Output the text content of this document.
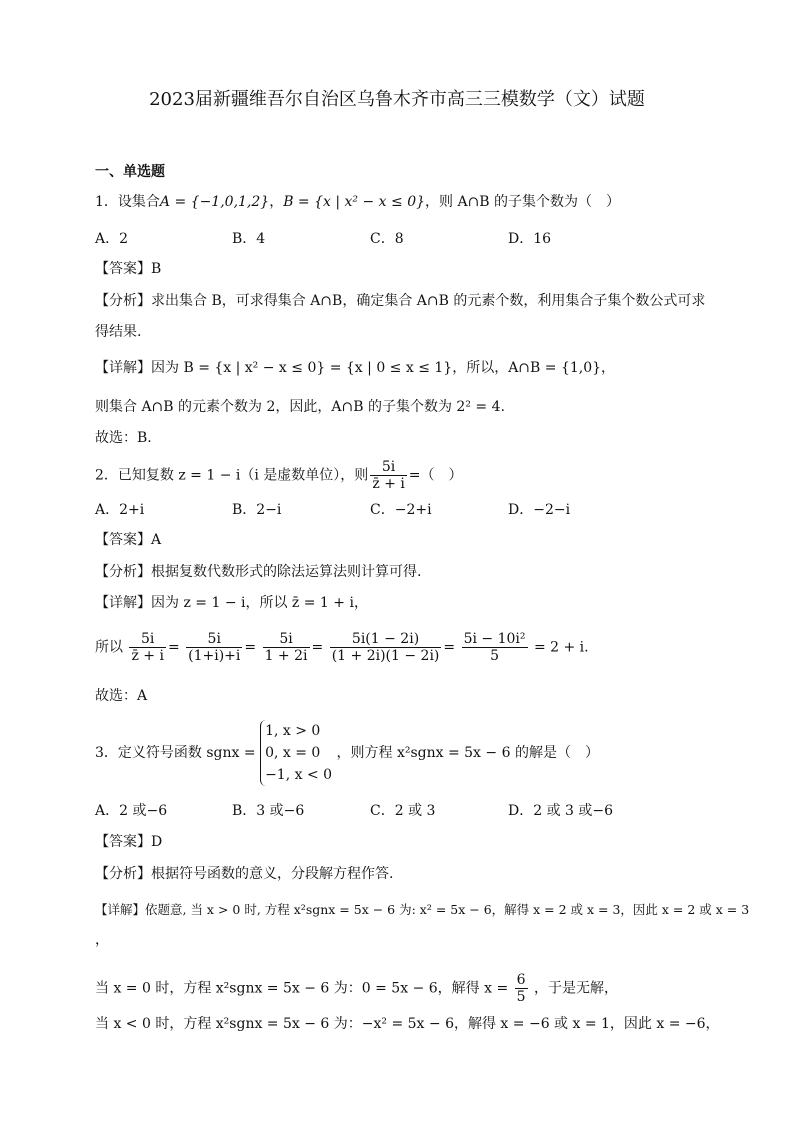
2023届新疆维吾尔自治区乌鲁木齐市高三三模数学（文）试题
一、单选题
1．设集合A = {−1,0,1,2}，B = {x | x² − x ≤ 0}，则 A∩B 的子集个数为（　）
A．2	B．4	C．8	D．16
【答案】B
【分析】求出集合 B，可求得集合 A∩B，确定集合 A∩B 的元素个数，利用集合子集个数公式可求
得结果.
【详解】因为 B = {x | x² − x ≤ 0} = {x | 0 ≤ x ≤ 1}，所以，A∩B = {1,0}，
则集合 A∩B 的元素个数为 2，因此，A∩B 的子集个数为 2² = 4.
故选：B.
2．已知复数 z = 1 − i（i 是虚数单位），则 $\frac{5i}{z̄ + i}$ =（　）
A．2+i	B．2−i	C．−2+i	D．−2−i
【答案】A
【分析】根据复数代数形式的除法运算法则计算可得.
【详解】因为 z = 1 − i，所以 z̄ = 1 + i，
所以 $\frac{5i}{z̄ + i} = \frac{5i}{(1+i)+i} = \frac{5i}{1 + 2i} = \frac{5i(1 - 2i)}{(1 + 2i)(1 - 2i)} = \frac{\text{5i − 10i²}}{5} = 2 + i$.
故选：A
3．定义符号函数 sgnx =
1, x > 0
0, x = 0
−1, x < 0
，则方程 x²sgnx = 5x − 6 的解是（　）
A．2 或−6	B．3 或−6	C．2 或 3	D．2 或 3 或−6
【答案】D
【分析】根据符号函数的意义，分段解方程作答.
【详解】依题意, 当 x > 0 时, 方程 x²sgnx = 5x − 6 为: x² = 5x − 6，解得 x = 2 或 x = 3，因此 x = 2 或 x = 3
，
当 x = 0 时，方程 x²sgnx = 5x − 6 为：0 = 5x − 6，解得 $x = \frac{6}{5}$ ，于是无解，
当 x < 0 时，方程 x²sgnx = 5x − 6 为：−x² = 5x − 6，解得 x = −6 或 x = 1，因此 x = −6，
